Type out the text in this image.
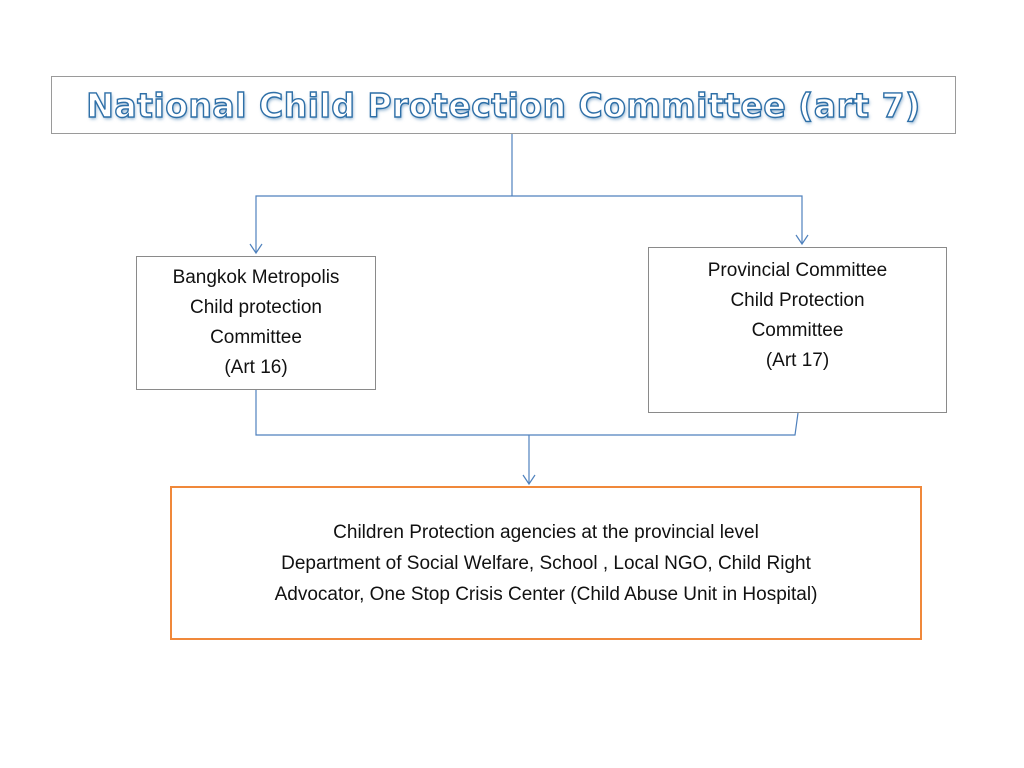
National Child Protection Committee (art 7)
Bangkok Metropolis
Child protection
Committee
(Art 16)
Provincial Committee
Child Protection
Committee
(Art 17)
Children Protection agencies at the provincial level
Department of Social Welfare, School , Local NGO, Child Right
Advocator, One Stop Crisis Center (Child Abuse Unit in Hospital)
